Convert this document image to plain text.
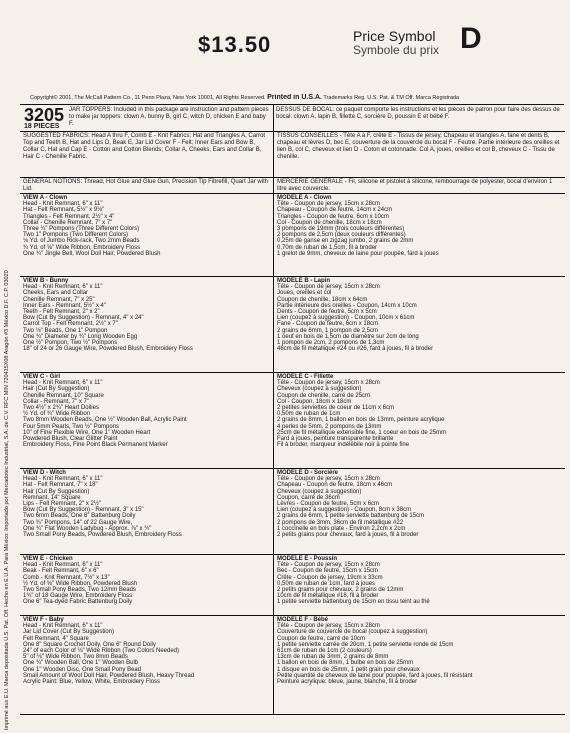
$13.50	Price Symbol
Symbole du prix D
Copyright© 2001, The McCall Pattern Co., 11 Penn Plaza, New York 10001, All Rights Reserved. Printed in U.S.A. Trademarks Reg. U.S. Pat. & TM Off. Marca Registrada
Imprimé aux E.U. Marca depositada U.S. Pat. Off. Hecho en E.U.A. Para México: Importado por Mercadotec Industrial, S.A. de C.V. RFC MIN 720415X08 Aragón #3 México D.F. C.P. 03020
3205
18 PIECES
JAR TOPPERS: Included in this package are instruction and pattern pieces to make jar toppers: clown A, bunny B, girl C, witch D, chicken E and baby F.
SUGGESTED FABRICS: Head A thru F, Comb E - Knit Fabrics; Hat and Triangles A, Carrot Top and Teeth B, Hat and Lips D, Beak E, Jar Lid Cover F - Felt; Inner Ears and Bow B, Collar C, Hat and Cap E - Cotton and Cotton Blends; Collar A, Cheeks, Ears and Collar B, Hair C - Chenille Fabric.
GENERAL NOTIONS: Thread, Hot Glue and Glue Gun, Precision Tip Fibrefill, Quart Jar with Lid.
VIEW A - Clown
Head - Knit Remnant, 6" x 11"
Hat - Felt Remnant, 5½" x 9⅛"
Triangles - Felt Remnant, 2½" x 4"
Collar - Chenille Remnant, 7" x 7"
Three ¾" Pompons (Three Different Colors)
Two 1" Pompons (Two Different Colors)
⅛ Yd. of Jumbo Rick-rack, Two 2mm Beads
¾ Yd. of ⅝" Wide Ribbon, Embroidery Floss
One ¾" Jingle Bell, Wool Doll Hair, Powdered Blush
VIEW B - Bunny
Head - Knit Remnant, 6" x 11"
Cheeks, Ears and Collar
Chenille Remnant, 7" x 25"
Inner Ears - Remnant, 5½" x 4"
Teeth - Felt Remnant, 2" x 2"
Bow (Cut By Suggestion) - Remnant, 4" x 24"
Carrot Top - Felt Remnant, 2½" x 7"
Two ⅛" Beads, One 1" Pompon
One ¾" Diameter by ¾" Long Wooden Egg
One ½" Pompon, Two ½" Pompons
18" of 24 or 26 Gauge Wire, Powdered Blush, Embroidery Floss
VIEW C - Girl
Head - Knit Remnant, 6" x 11"
Hair (Cut By Suggestion)
Chenille Remnant, 10" Square
Collar - Remnant, 7" x 7"
Two 4½" x 2¾" Heart Doilies
½ Yd. of ¾" Wide Ribbon
Two 8mm Wooden Beads, One ½" Wooden Ball, Acrylic Paint
Four 5mm Pearls, Two ½" Pompons
10" of Fine Flexible Wire, One 1" Wooden Heart
Powdered Blush, Clear Glitter Paint
Embroidery Floss, Fine Point Black Permanent Marker
VIEW D - Witch
Head - Knit Remnant, 6" x 11"
Hat - Felt Remnant, 7" x 18"
Hair (Cut By Suggestion)
Remnant, 14" Square
Lips - Felt Remnant, 2" x 2½"
Bow (Cut By Suggestion) - Remnant, 3" x 15"
Two 6mm Beads, One 6" Battenburg Doily
Two ¾" Pompons, 14" of 22 Gauge Wire,
One ¾" Flat Wooden Ladybug - Approx. ⅞" x ¾"
Two Small Pony Beads, Powdered Blush, Embroidery Floss
VIEW E - Chicken
Head - Knit Remnant, 6" x 11"
Beak - Felt Remnant, 6" x 6"
Comb - Knit Remnant, 7½" x 13"
½ Yd. of ⅝" Wide Ribbon, Powdered Blush
Two Small Pony Beads, Two 12mm Beads
1¾" of 18 Gauge Wire, Embroidery Floss
One 6" Tea-dyed Fabric Battenburg Doily
VIEW F - Baby
Head - Knit Remnant, 6" x 11"
Jar Lid Cover (Cut By Suggestion)
Felt Remnant, 4" Square
One 8" Square Crochet Doily, One 6" Round Doily
24" of each Color of ⅛" Wide Ribbon (Two Colors Needed)
5" of ⅛" Wide Ribbon, Two 8mm Beads
One ¾" Wooden Ball, One 1" Wooden Bulb
One 1" Wooden Disc, One Small Pony Bead
Small Amount of Wool Doll Hair, Powdered Blush, Heavy Thread
Acrylic Paint: Blue, Yellow, White, Embroidery Floss
DESSUS DE BOCAL: ce paquet comporte les instructions et les pièces de patron pour faire des dessus de bocal: clown A, lapin B, fillette C, sorcière D, poussin E et bébé F.
TISSUS CONSEILLÉS - Tête A à F, crête E - Tissus de jersey, Chapeau et triangles A, fane et dents B, chapeau et lèvres D, bec E, couverture de la couvercle du bocal F - Feutre. Partie intérieure des oreilles et lien B, col C, cheveux et lien D - Coton et cotonnade. Col A, joues, oreilles et col B, cheveux C - Tissu de chenille.
MERCERIE GENERALE - Fil, silicone et pistolet à silicone, rembourrage de polyester, bocal d'environ 1 litre avec couvercle.
MODELE A - Clown
Tête - Coupon de jersey, 15cm x 28cm
Chapeau - Coupon de feutre, 14cm x 24cm
Triangles - Coupon de feutre, 6cm x 10cm
Col - Coupon de chenille, 18cm x 18cm
3 pompons de 19mm (trois couleurs différentes)
2 pompons de 2,5cm (deux couleurs différentes)
0,25m de ganse en zigzag jumbo, 2 grains de 2mm
0,70m de ruban de 1,5cm, fil à broder
1 grelot de 9mm, cheveux de laine pour poupée, fard à joues
MODELE B - Lapin
Tête - Coupon de jersey, 15cm x 28cm
Joues, oreilles et col
Coupon de chenille, 18cm x 64cm
Partie intérieure des oreilles - Coupon, 14cm x 10cm
Dents - Coupon de feutre, 5cm x 5cm
Lien (coupez à suggestion) - Coupon, 10cm x 61cm
Fane - Coupon de feutre, 6cm x 18cm
2 grains de 6mm, 1 pompon de 2,5cm
1 oeuf en bois de 1,5cm de diamètre sur 2cm de long
1 pompon de 2cm, 2 pompons de 1,3cm
46cm de fil métallique #24 ou #26, fard à joues, fil à broder
MODELE C - Fillette
Tête - Coupon de jersey, 15cm x 28cm
Cheveux (coupez à suggestion)
Coupon de chenille, carré de 25cm
Col - Coupon, 18cm x 18cm
2 petites serviettes de coeur de 11cm x 6cm
0,50m de ruban de 1cm
2 grains de 8mm, 1 ballon en bois de 13mm, peinture acrylique
4 perles de 5mm, 2 pompons de 13mm
25cm de fil métallique extensible fine, 1 coeur en bois de 25mm
Fard à joues, peinture transparente brillante
Fil à broder, marqueur indélébile noir à pointe fine
MODELE D - Sorcière
Tête - Coupon de jersey, 15cm x 28cm
Chapeau - Coupon de feutre, 18cm x 46cm
Cheveux (coupez à suggestion)
Coupon, carré de 36cm
Lèvres - Coupon de feutre, 5cm x 6cm
Lien (coupez à suggestion) - Coupon, 8cm x 38cm
2 grains de 6mm, 1 petite serviette battenburg de 15cm
2 pompons de 3mm, 36cm de fil métallique #22
1 coccinelle en bois plate - Environ 2,2cm x 2cm
2 petits grains pour chevaux, fard à joues, fil à broder
MODELE E - Poussin
Tête - Coupon de jersey, 15cm x 28cm
Bec - Coupon de feutre, 15cm x 15cm
Crête - Coupon de jersey, 19cm x 33cm
0,50m de ruban de 1cm, fard à joues
2 petits grains pour chevaux, 2 grains de 12mm
10cm de fil métallique #18, fil à broder
1 petite serviette battenburg de 15cm en tissu teint au thé
MODELE F - Bébé
Tête - Coupon de jersey, 15cm x 28cm
Couverture de couvercle de bocal (coupez à suggestion)
Coupon de feutre, carré de 10cm
1 petite serviette carrée de 20cm, 1 petite serviette ronde de 15cm
61cm de ruban de 1cm (2 couleurs)
13cm de ruban de 3mm, 2 grains de 8mm
1 ballon en bois de 8mm, 1 bulbe en bois de 25mm
1 disque en bois de 25mm, 1 petit grain pour chevaux
Petite quantité de cheveux de laine pour poupée, fard à joues, fil résistant
Peinture acrylique: bleue, jaune, blanche, fil à broder
